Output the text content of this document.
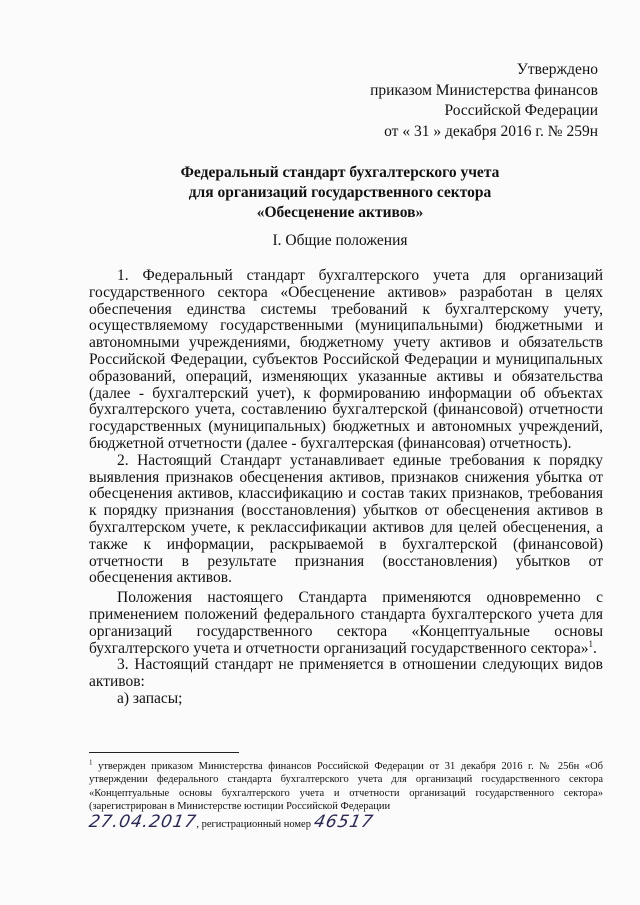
Утверждено
приказом Министерства финансов
Российской Федерации
от « 31 » декабря 2016 г. № 259н
Федеральный стандарт бухгалтерского учета
для организаций государственного сектора
«Обесценение активов»
I. Общие положения

1. Федеральный стандарт бухгалтерского учета для организаций государственного сектора «Обесценение активов» разработан в целях обеспечения единства системы требований к бухгалтерскому учету, осуществляемому государственными (муниципальными) бюджетными и автономными учреждениями, бюджетному учету активов и обязательств Российской Федерации, субъектов Российской Федерации и муниципальных образований, операций, изменяющих указанные активы и обязательства (далее - бухгалтерский учет), к формированию информации об объектах бухгалтерского учета, составлению бухгалтерской (финансовой) отчетности государственных (муниципальных) бюджетных и автономных учреждений, бюджетной отчетности (далее - бухгалтерская (финансовая) отчетность).

2. Настоящий Стандарт устанавливает единые требования к порядку выявления признаков обесценения активов, признаков снижения убытка от обесценения активов, классификацию и состав таких признаков, требования к порядку признания (восстановления) убытков от обесценения активов в бухгалтерском учете, к реклассификации активов для целей обесценения, а также к информации, раскрываемой в бухгалтерской (финансовой) отчетности в результате признания (восстановления) убытков от обесценения активов.

Положения настоящего Стандарта применяются одновременно с применением положений федерального стандарта бухгалтерского учета для организаций государственного сектора «Концептуальные основы бухгалтерского учета и отчетности организаций государственного сектора»$^1$.

3. Настоящий стандарт не применяется в отношении следующих видов активов:

а) запасы;

$^1$ утвержден приказом Министерства финансов Российской Федерации от 31 декабря 2016 г. № 256н «Об утверждении федерального стандарта бухгалтерского учета для организаций государственного сектора «Концептуальные основы бухгалтерского учета и отчетности организаций государственного сектора» (зарегистрирован в Министерстве юстиции Российской Федерации
27.04.2017, регистрационный номер 46517
